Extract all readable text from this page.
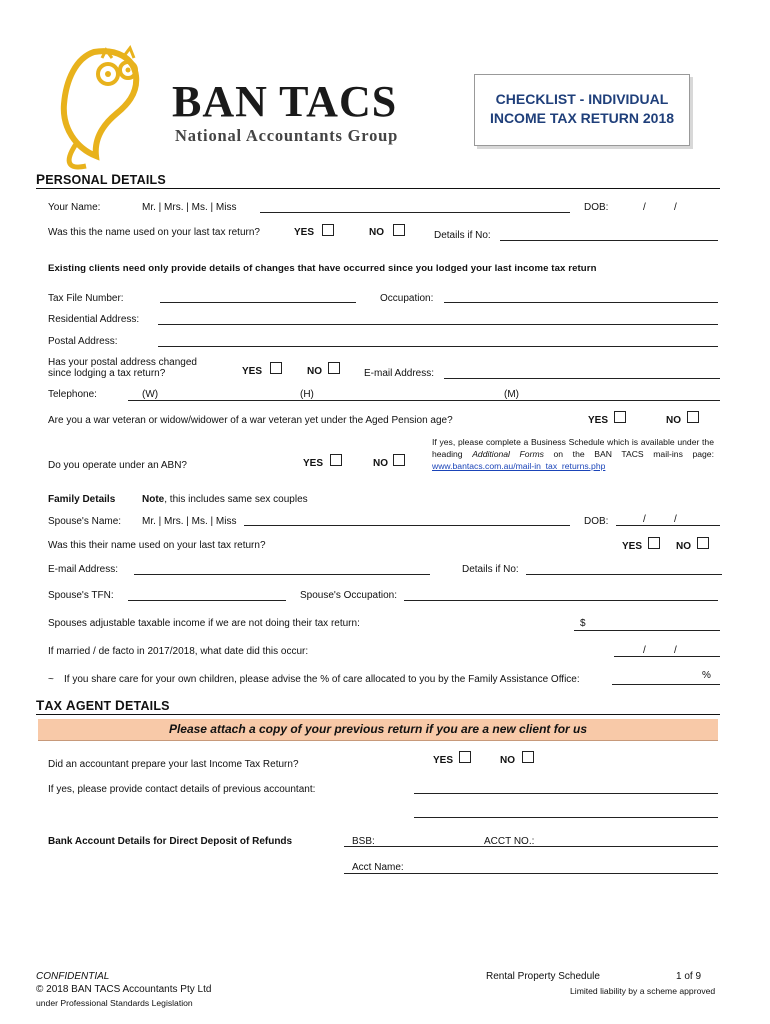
BAN TACS
National Accountants Group
CHECKLIST - INDIVIDUAL
INCOME TAX RETURN 2018
PERSONAL DETAILS
Your Name:	Mr. | Mrs. | Ms. | Miss	DOB:	/	/
Was this the name used on your last tax return?	YES	NO	Details if No:
Existing clients need only provide details of changes that have occurred since you lodged your last income tax return
Tax File Number:	Occupation:
Residential Address:
Postal Address:
Has your postal address changed
since lodging a tax return?	YES	NO	E-mail Address:
Telephone:	(W)	(H)	(M)
Are you a war veteran or widow/widower of a war veteran yet under the Aged Pension age?	YES	NO
Do you operate under an ABN?	YES	NO
If yes, please complete a Business Schedule which is available under the heading Additional Forms on the BAN TACS mail-ins page: www.bantacs.com.au/mail-in_tax_returns.php
Family Details	Note, this includes same sex couples
Spouse's Name: Mr. | Mrs. | Ms. | Miss	DOB:	/	/
Was this their name used on your last tax return?	YES	NO
E-mail Address:	Details if No:
Spouse's TFN:	Spouse's Occupation:
Spouses adjustable taxable income if we are not doing their tax return:	$
If married / de facto in 2017/2018, what date did this occur:	/	/
~ If you share care for your own children, please advise the % of care allocated to you by the Family Assistance Office:	%
TAX AGENT DETAILS
Please attach a copy of your previous return if you are a new client for us
Did an accountant prepare your last Income Tax Return?	YES	NO
If yes, please provide contact details of previous accountant:
Bank Account Details for Direct Deposit of Refunds	BSB:	ACCT NO.:
Acct Name:
CONFIDENTIAL
© 2018 BAN TACS Accountants Pty Ltd
under Professional Standards Legislation
Rental Property Schedule	1 of 9
Limited liability by a scheme approved
